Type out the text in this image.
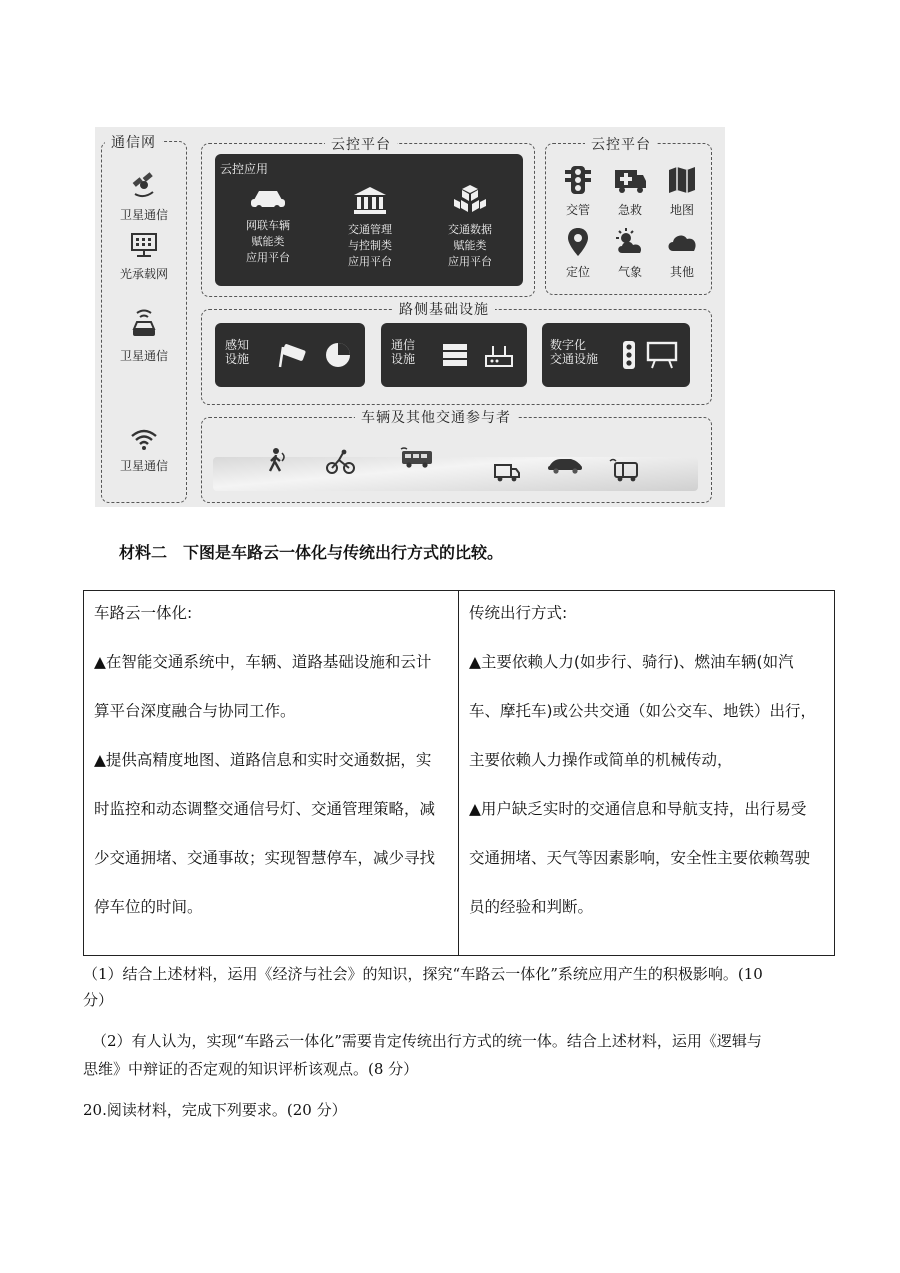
通信网
卫星通信
光承载网
卫星通信
卫星通信
云控平台
云控应用
网联车辆
赋能类
应用平台
交通管理
与控制类
应用平台
交通数据
赋能类
应用平台
云控平台
交管	急救	地图
定位	气象	其他
路侧基础设施
感知
设施
通信
设施
数字化
交通设施
车辆及其他交通参与者
材料二　下图是车路云一体化与传统出行方式的比较。

车路云一体化:

▲在智能交通系统中，车辆、道路基础设施和云计
算平台深度融合与协同工作。
▲提供高精度地图、道路信息和实时交通数据，实
时监控和动态调整交通信号灯、交通管理策略，减
少交通拥堵、交通事故；实现智慧停车，减少寻找
停车位的时间。

传统出行方式:

▲主要依赖人力(如步行、骑行)、燃油车辆(如汽
车、摩托车)或公共交通（如公交车、地铁）出行，
主要依赖人力操作或简单的机械传动，
▲用户缺乏实时的交通信息和导航支持，出行易受
交通拥堵、天气等因素影响，安全性主要依赖驾驶
员的经验和判断。
（1）结合上述材料，运用《经济与社会》的知识，探究“车路云一体化”系统应用产生的积极影响。(10
分）
（2）有人认为，实现“车路云一体化”需要肯定传统出行方式的统一体。结合上述材料，运用《逻辑与
思维》中辩证的否定观的知识评析该观点。(8 分）
20.阅读材料，完成下列要求。(20 分）
